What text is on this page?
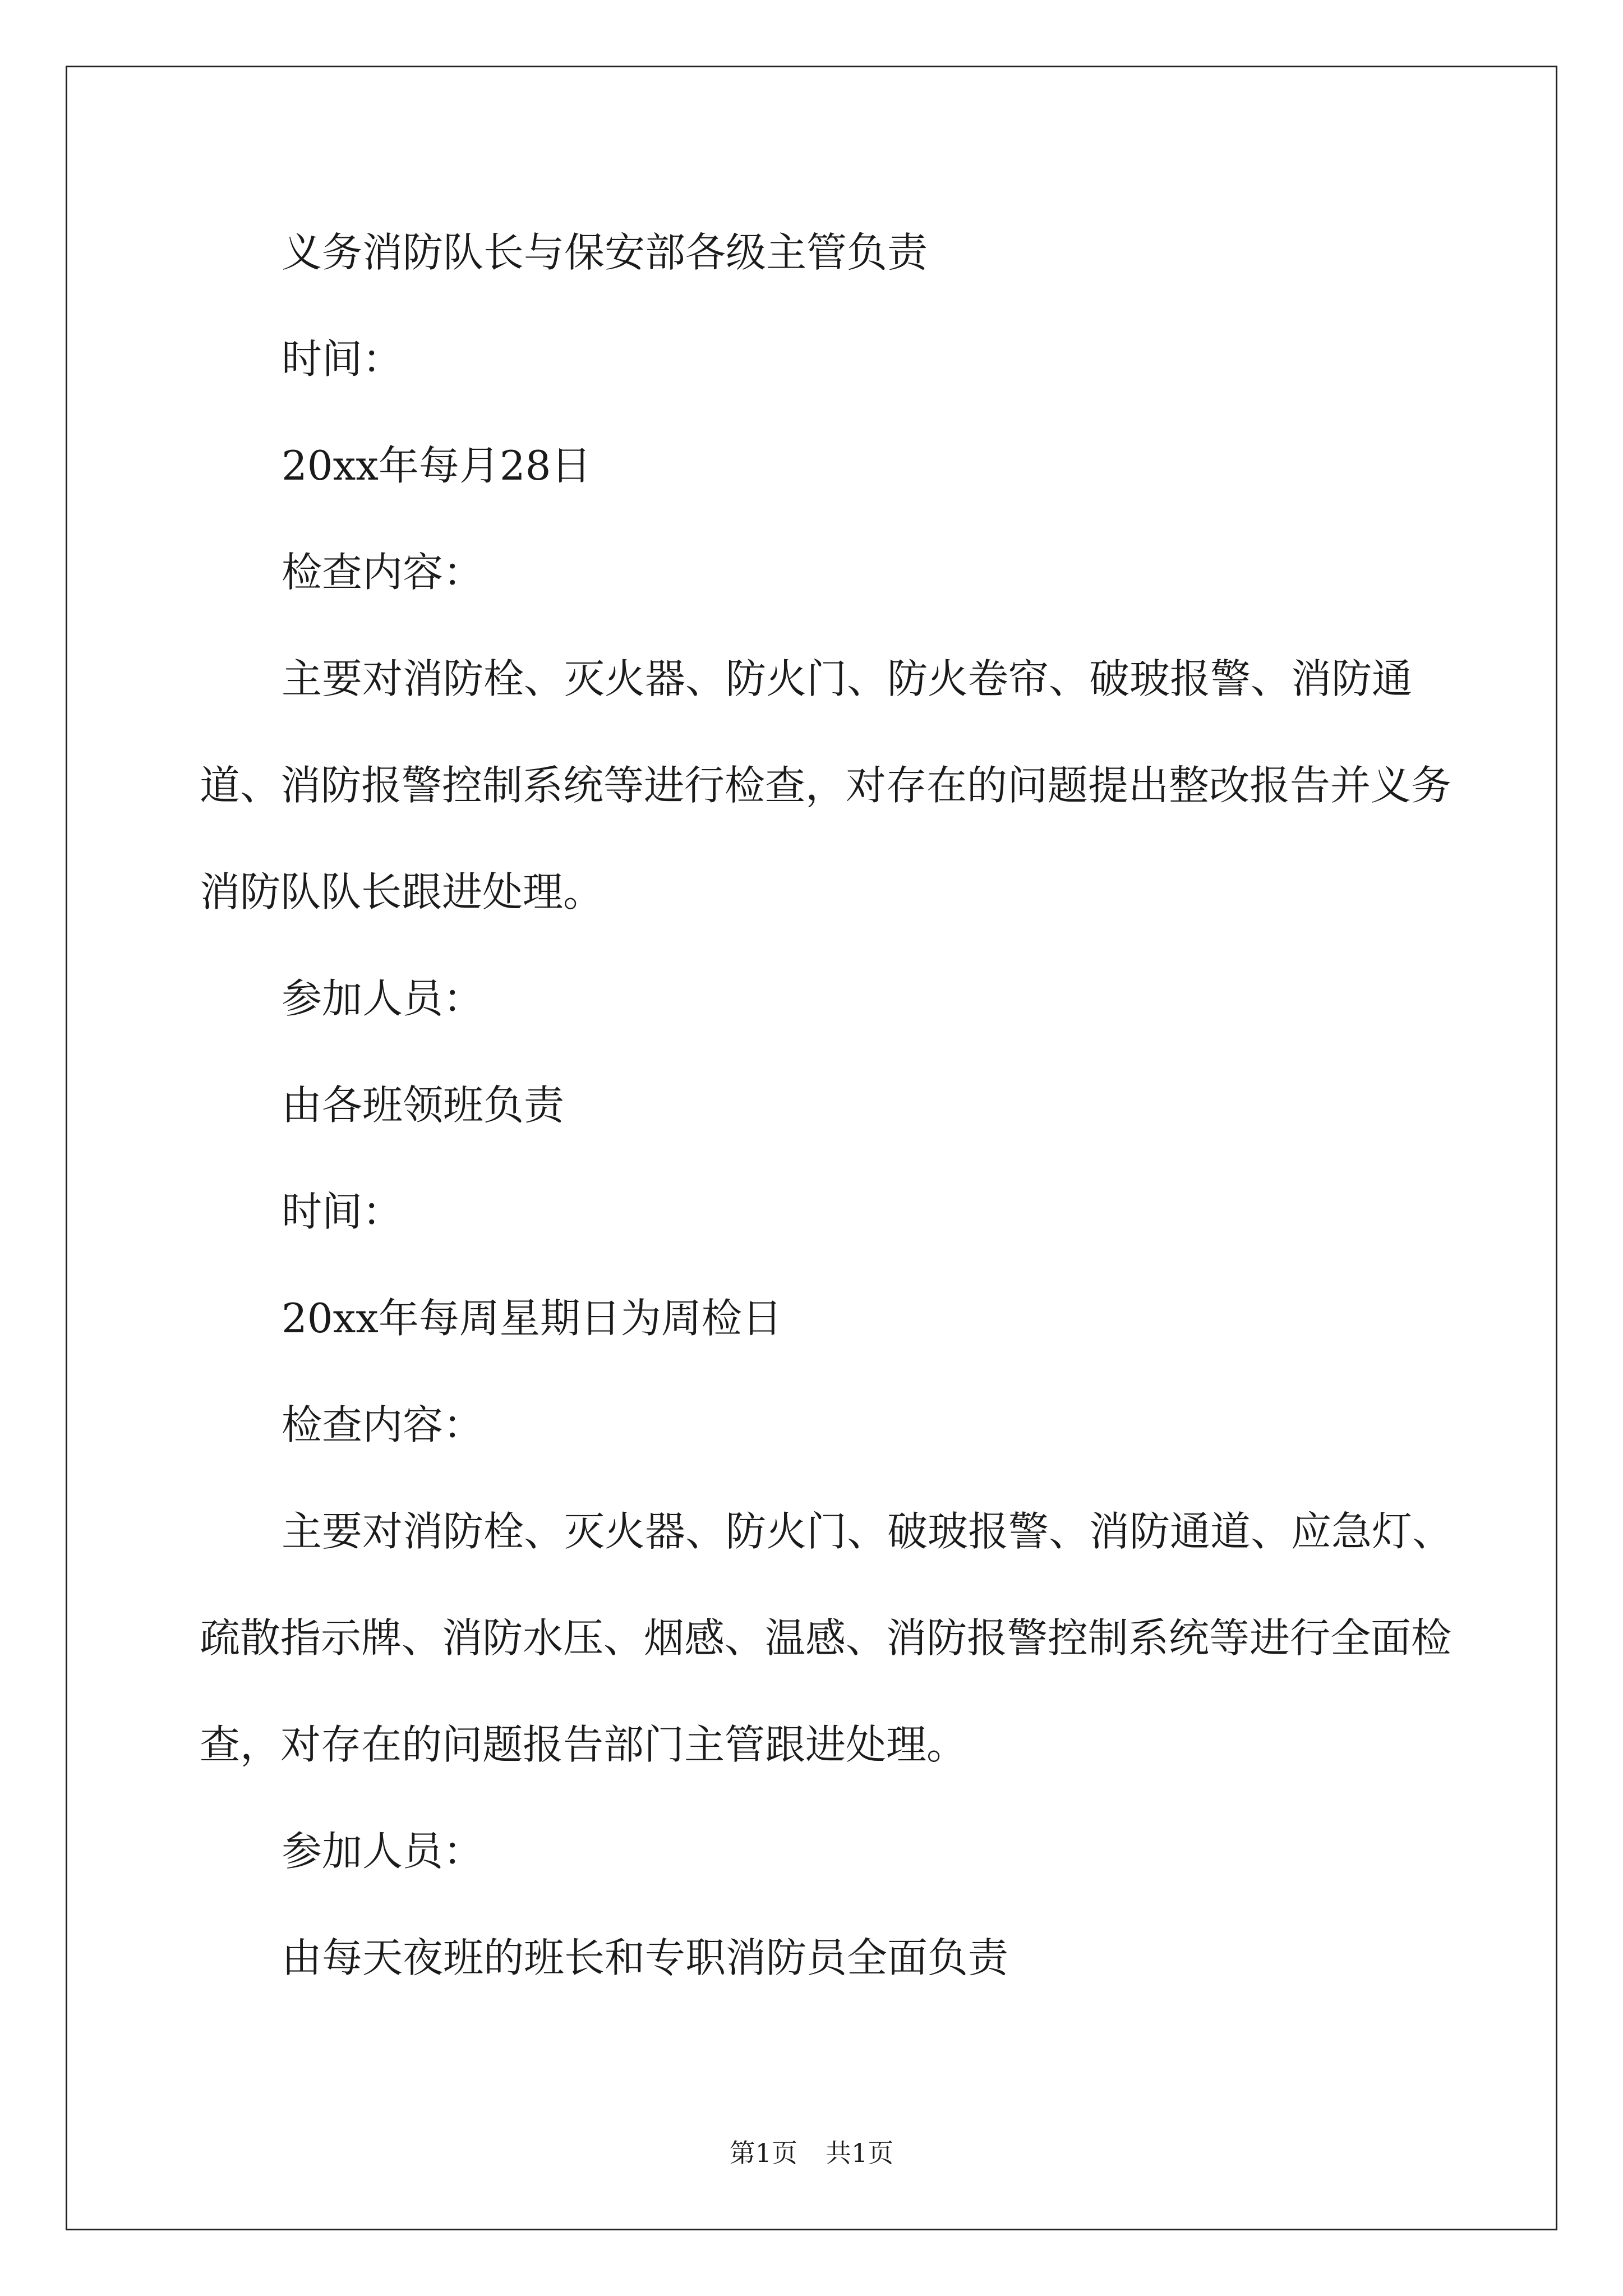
义务消防队长与保安部各级主管负责

时间：

20xx年每月28日

检查内容：

主要对消防栓、灭火器、防火门、防火卷帘、破玻报警、消防通道、消防报警控制系统等进行检查，对存在的问题提出整改报告并义务消防队队长跟进处理。

参加人员：

由各班领班负责

时间：

20xx年每周星期日为周检日

检查内容：

主要对消防栓、灭火器、防火门、破玻报警、消防通道、应急灯、疏散指示牌、消防水压、烟感、温感、消防报警控制系统等进行全面检查，对存在的问题报告部门主管跟进处理。

参加人员：

由每天夜班的班长和专职消防员全面负责

第1页 共1页
